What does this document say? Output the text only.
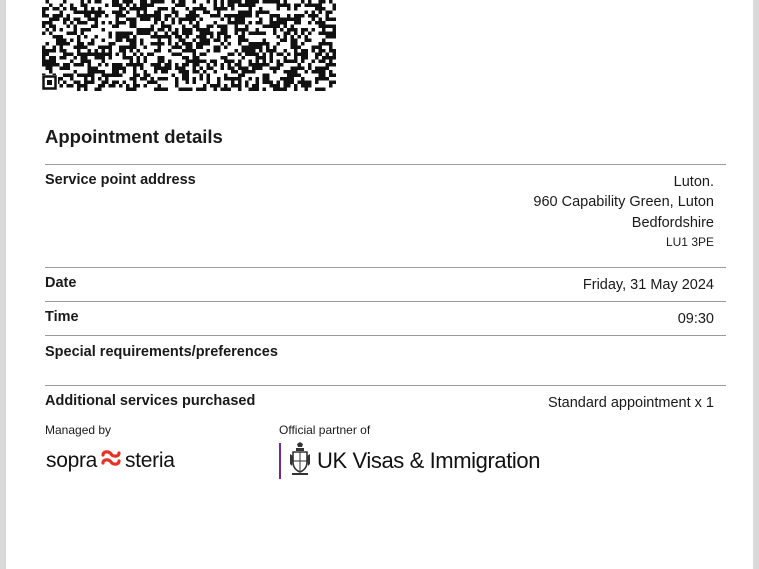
Appointment details
Service point address	Luton.
960 Capability Green, Luton
Bedfordshire
LU1 3PE
Date	Friday, 31 May 2024
Time	09:30
Special requirements/preferences
Additional services purchased	Standard appointment x 1
Managed by	Official partner of
sopra steria	UK Visas & Immigration
